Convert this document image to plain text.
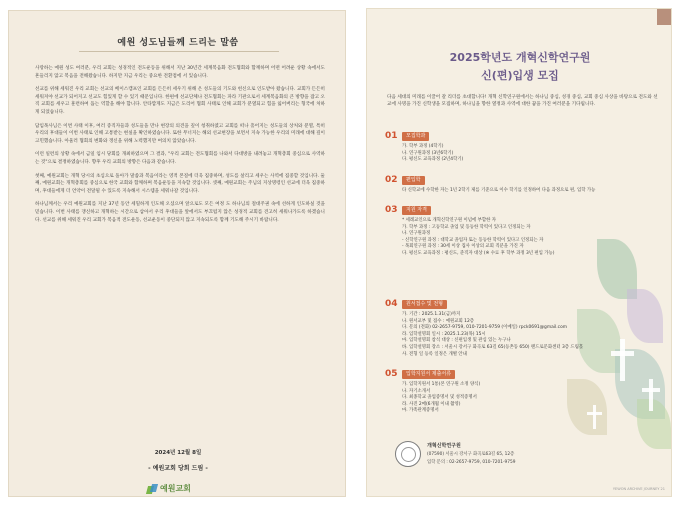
예원 성도님들께 드리는 말씀

사랑하는 예원 성도 여러분, 우리 교회는 성경적인 전도운동을 위해서 지난 30년간 세계복음화 전도협회와 함께하며 어떤 어려운 상황 속에서도 흔들리지 않고 복음을 전해왔습니다. 하지만 지금 우리는 중요한 전환점에 서 있습니다.

선교를 위해 세워진 우리 교회는 선교의 베이스캠프인 교회를 든든히 세우기 위해 온 성도들의 기도와 헌신으로 인도받아 왔습니다. 교회가 든든히 세워져야 선교가 되어지고 선교도 힘있게 할 수 있기 때문입니다. 한편에 선교단체나 전도협회는 파라 기관으로서 세계복음화의 큰 방향을 잡고 오직 교회를 세우고 훈련하여 돕는 역할을 해야 합니다. 안타깝게도 지금은 도리어 협회 사태로 인해 교회가 분열되고 힘을 잃어버리는 형국에 처하게 되었습니다.

담임목사님은 이번 사태 이후, 여러 증직자들과 성도들을 만나 현장의 의견을 깊이 청취하였고 교회를 떠나 흩어지는 성도들의 상처와 분열, 특히 우리의 후대들이 이번 사태로 인해 고통받는 현실을 확인하였습니다. 또한 무너지는 해외 선교현장을 보면서 지속 가능한 우리의 미래에 대해 깊이 고민했습니다. 아울러 협회의 변화와 갱신을 위해 노력했지만 여의치 않았습니다.

이런 일련의 상황 속에서 금일 임시 당회를 개최하였으며 그 결과, "우리 교회는 전도협회를 나와서 다대방을 내려놓고 개혁총회 중심으로 사역하는 것"으로 결정하였습니다. 향후 우리 교회의 방향은 다음과 같습니다.

첫째, 예원교회는 개혁 당시의 초심으로 돌아가 말씀과 복음이라는 영적 본질에 더욱 집중하며, 성도를 살리고 세우는 사역에 집중할 것입니다. 둘째, 예원교회는 개혁총회를 중심으로 한국 교회와 함께하며 복음운동을 지속할 것입니다. 셋째, 예원교회는 주님의 지상명령인 선교에 더욱 집중하며, 후대들에게 더 언약이 전달될 수 있도록 지속해서 시스템을 세워나갈 것입니다.

하나님께서는 우리 예원교회를 지난 37년 동안 세밀하게 인도해 오셨으며 앞으로도 모든 여정 도 하나님의 절대주권 속에 선하게 인도하실 것을 믿습니다. 이번 사태를 갱신하고 개혁하는 시간으로 삼아서 우리 후대들을 앞에서도 부끄럽지 않은 성경적 교회를 견고히 세워나가도록 하겠습니다. 선교를 위해 세워진 우리 교회가 복음적 전도운동, 선교운동이 중단되지 않고 지속되도록 함께 기도해 주시기 바랍니다.

2024년 12월 8일
- 예원교회 당회 드림 -
예원교회
2025학년도 개혁신학연구원
신(편)입생 모집
다음 세대의 미래를 이끌어 갈 리더를 초대합니다! 개혁 신학연구원에서는 하나님 중심, 성경 중심, 교회 중심 사상을 바탕으로 전도와 선교에 사명을 가진 신학생을 모집하며, 하나님을 향한 열정과 사역에 대한 꿈을 가진 여러분을 기다립니다.
01	모집학과
가. 학부 과정 (4학기)
나. 연구원과정 (3년6학기)
다. 평신도 교육과정 (2년4학기)
02	편입학
타 신학교에 수학한 자는 1년 2학기 제를 기준으로 이수 학기를 인정하여 다음 과정으로 편, 입학 가능
03	지원 자격
* 세례교인으로 개혁신학연구원 이념에 부합한 자
가. 학부 과정 : 고등학교 졸업 및 동등한 학력이 있다고 인정되는 자
나. 연구원과정
- 신학연구원 과정 : 대학교 졸업자 또는 동등한 학력이 있다고 인정되는 자
- 목회연구원 과정 : 30세 이상 집사 이상의 교회 직분을 가진 자
다. 평신도 교육과정 : 평신도, 준직자 대상 (※ 수료 후 학부 과정 3년 편입 가능)
04	원서접수 및 전형
가. 기간 : 2025.1.31(금)까지
나. 원서교부 및 접수 : 예원교회 12층
다. 문의 (전화) 02-2657-9759, 010-7201-9759 (이메일) rpck0691@gmail.com
라. 입학설명회 일시 : 2025.1.23(목) 15시
마. 입학설명회 참석 대상 : 신편입생 및 관심 있는 누구나
바. 입학설명회 장소 : 서울시 강서구 화곡로 63길 65(등촌동 650) 랜드로문화센터 3층 드림홀
사. 전형 일 등록 일정은 개별 안내
05	입학지원서 제출서류
가. 입학지원서 1통(본 연구원 소정 양식)
나. 자기소개서
다. 최종학교 졸업증명서 및 성적증명서
라. 사진 2매(6개월 이내 촬영)
마. 가족관계증명서
개혁신학연구원
(07590) 서울시 강서구 화곡로63길 65, 12층
입학 문의 : 02-2657-9759, 010-7201-9759
YEWON ARCHIVE JOURNEY 21
